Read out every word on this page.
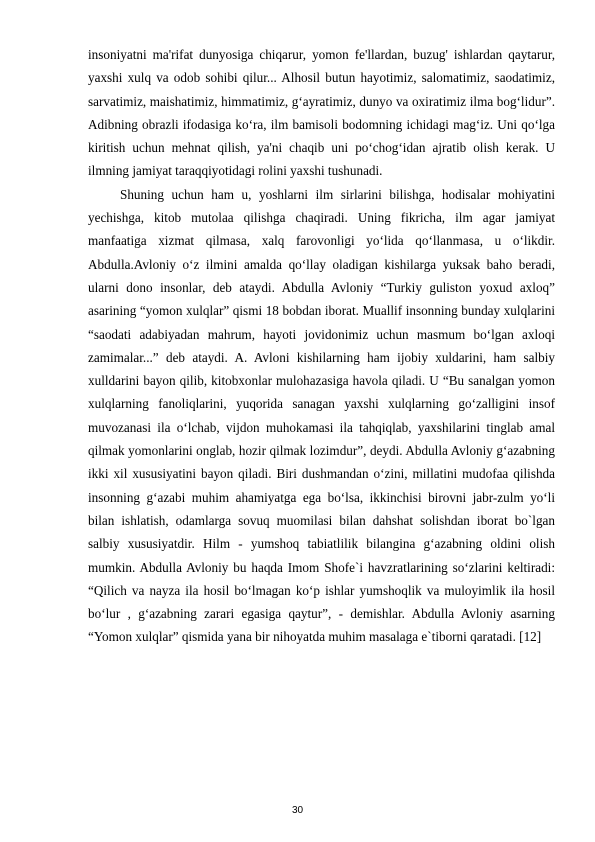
insoniyatni ma'rifat dunyosiga chiqarur, yomon fe'llardan, buzug' ishlardan qaytarur, yaxshi xulq va odob sohibi qilur... Alhosil butun hayotimiz, salomatimiz, saodatimiz, sarvatimiz, maishatimiz, himmatimiz, g‘ayratimiz, dunyo va oxiratimiz ilma bog‘lidur”. Adibning obrazli ifodasiga ko‘ra, ilm bamisoli bodomning ichidagi mag‘iz. Uni qo‘lga kiritish uchun mehnat qilish, ya'ni chaqib uni po‘chog‘idan ajratib olish kerak. U ilmning jamiyat taraqqiyotidagi rolini yaxshi tushunadi.

Shuning uchun ham u, yoshlarni ilm sirlarini bilishga, hodisalar mohiyatini yechishga, kitob mutolaa qilishga chaqiradi. Uning fikricha, ilm agar jamiyat manfaatiga xizmat qilmasa, xalq farovonligi yo‘lida qo‘llanmasa, u o‘likdir. Abdulla.Avloniy o‘z ilmini amalda qo‘llay oladigan kishilarga yuksak baho beradi, ularni dono insonlar, deb ataydi. Abdulla Avloniy “Turkiy guliston yoxud axloq” asarining “yomon xulqlar” qismi 18 bobdan iborat. Muallif insonning bunday xulqlarini “saodati adabiyadan mahrum, hayoti jovidonimiz uchun masmum bo‘lgan axloqi zamimalar...” deb ataydi. A. Avloni kishilarning ham ijobiy xuldarini, ham salbiy xulldarini bayon qilib, kitobxonlar mulohazasiga havola qiladi. U “Bu sanalgan yomon xulqlarning fanoliqlarini, yuqorida sanagan yaxshi xulqlarning go‘zalligini insof muvozanasi ila o‘lchab, vijdon muhokamasi ila tahqiqlab, yaxshilarini tinglab amal qilmak yomonlarini onglab, hozir qilmak lozimdur”, deydi. Abdulla Avloniy g‘azabning ikki xil xususiyatini bayon qiladi. Biri dushmandan o‘zini, millatini mudofaa qilishda insonning g‘azabi muhim ahamiyatga ega bo‘lsa, ikkinchisi birovni jabr-zulm yo‘li bilan ishlatish, odamlarga sovuq muomilasi bilan dahshat solishdan iborat bo`lgan salbiy xususiyatdir. Hilm - yumshoq tabiatlilik bilangina g‘azabning oldini olish mumkin. Abdulla Avloniy bu haqda Imom Shofe`i havzratlarining so‘zlarini keltiradi: “Qilich va nayza ila hosil bo‘lmagan ko‘p ishlar yumshoqlik va muloyimlik ila hosil bo‘lur , g‘azabning zarari egasiga qaytur”, - demishlar. Abdulla Avloniy asarning “Yomon xulqlar” qismida yana bir nihoyatda muhim masalaga e`tiborni qaratadi. [12]

30
